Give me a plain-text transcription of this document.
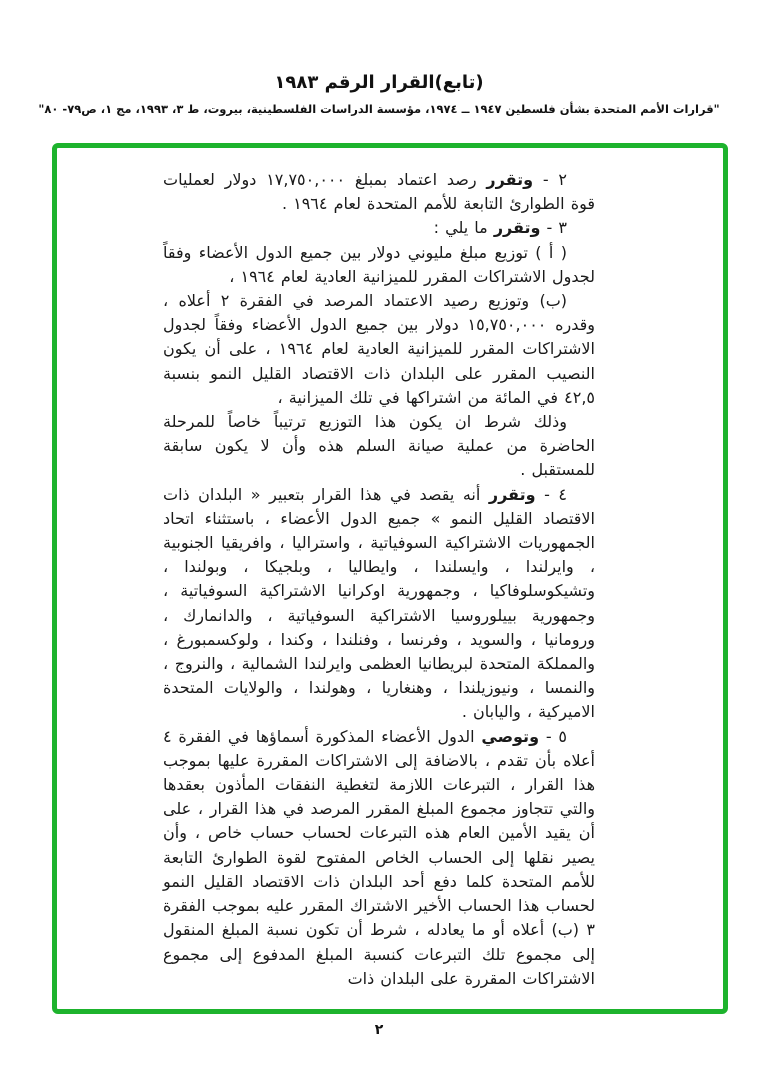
(تابع)القرار الرقم ١٩٨٣
"قرارات الأمم المتحدة بشأن فلسطين ١٩٤٧ ــ ١٩٧٤، مؤسسة الدراسات الفلسطينية، بيروت، ط ٣، ١٩٩٣، مج ١، ص٧٩- ٨٠"

٢ - وتقرر رصد اعتماد بمبلغ ١٧,٧٥٠,٠٠٠ دولار لعمليات قوة الطوارئ التابعة للأمم المتحدة لعام ١٩٦٤ .

٣ - وتقرر ما يلي :

( أ ) توزيع مبلغ مليوني دولار بين جميع الدول الأعضاء وفقاً لجدول الاشتراكات المقرر للميزانية العادية لعام ١٩٦٤ ،

(ب) وتوزيع رصيد الاعتماد المرصد في الفقرة ٢ أعلاه ، وقدره ١٥,٧٥٠,٠٠٠ دولار بين جميع الدول الأعضاء وفقاً لجدول الاشتراكات المقرر للميزانية العادية لعام ١٩٦٤ ، على أن يكون النصيب المقرر على البلدان ذات الاقتصاد القليل النمو بنسبة ٤٢,٥ في المائة من اشتراكها في تلك الميزانية ،

وذلك شرط ان يكون هذا التوزيع ترتيباً خاصاً للمرحلة الحاضرة من عملية صيانة السلم هذه وأن لا يكون سابقة للمستقبل .

٤ - وتقرر أنه يقصد في هذا القرار بتعبير « البلدان ذات الاقتصاد القليل النمو » جميع الدول الأعضاء ، باستثناء اتحاد الجمهوريات الاشتراكية السوفياتية ، واستراليا ، وافريقيا الجنوبية ، وايرلندا ، وايسلندا ، وايطاليا ، وبلجيكا ، وبولندا ، وتشيكوسلوفاكيا ، وجمهورية اوكرانيا الاشتراكية السوفياتية ، وجمهورية بييلوروسيا الاشتراكية السوفياتية ، والدانمارك ، ورومانيا ، والسويد ، وفرنسا ، وفنلندا ، وكندا ، ولوكسمبورغ ، والمملكة المتحدة لبريطانيا العظمى وايرلندا الشمالية ، والنروج ، والنمسا ، ونيوزيلندا ، وهنغاريا ، وهولندا ، والولايات المتحدة الاميركية ، واليابان .

٥ - وتوصي الدول الأعضاء المذكورة أسماؤها في الفقرة ٤ أعلاه بأن تقدم ، بالاضافة إلى الاشتراكات المقررة عليها بموجب هذا القرار ، التبرعات اللازمة لتغطية النفقات المأذون بعقدها والتي تتجاوز مجموع المبلغ المقرر المرصد في هذا القرار ، على أن يقيد الأمين العام هذه التبرعات لحساب حساب خاص ، وأن يصير نقلها إلى الحساب الخاص المفتوح لقوة الطوارئ التابعة للأمم المتحدة كلما دفع أحد البلدان ذات الاقتصاد القليل النمو لحساب هذا الحساب الأخير الاشتراك المقرر عليه بموجب الفقرة ٣ (ب) أعلاه أو ما يعادله ، شرط أن تكون نسبة المبلغ المنقول إلى مجموع تلك التبرعات كنسبة المبلغ المدفوع إلى مجموع الاشتراكات المقررة على البلدان ذات

٢
